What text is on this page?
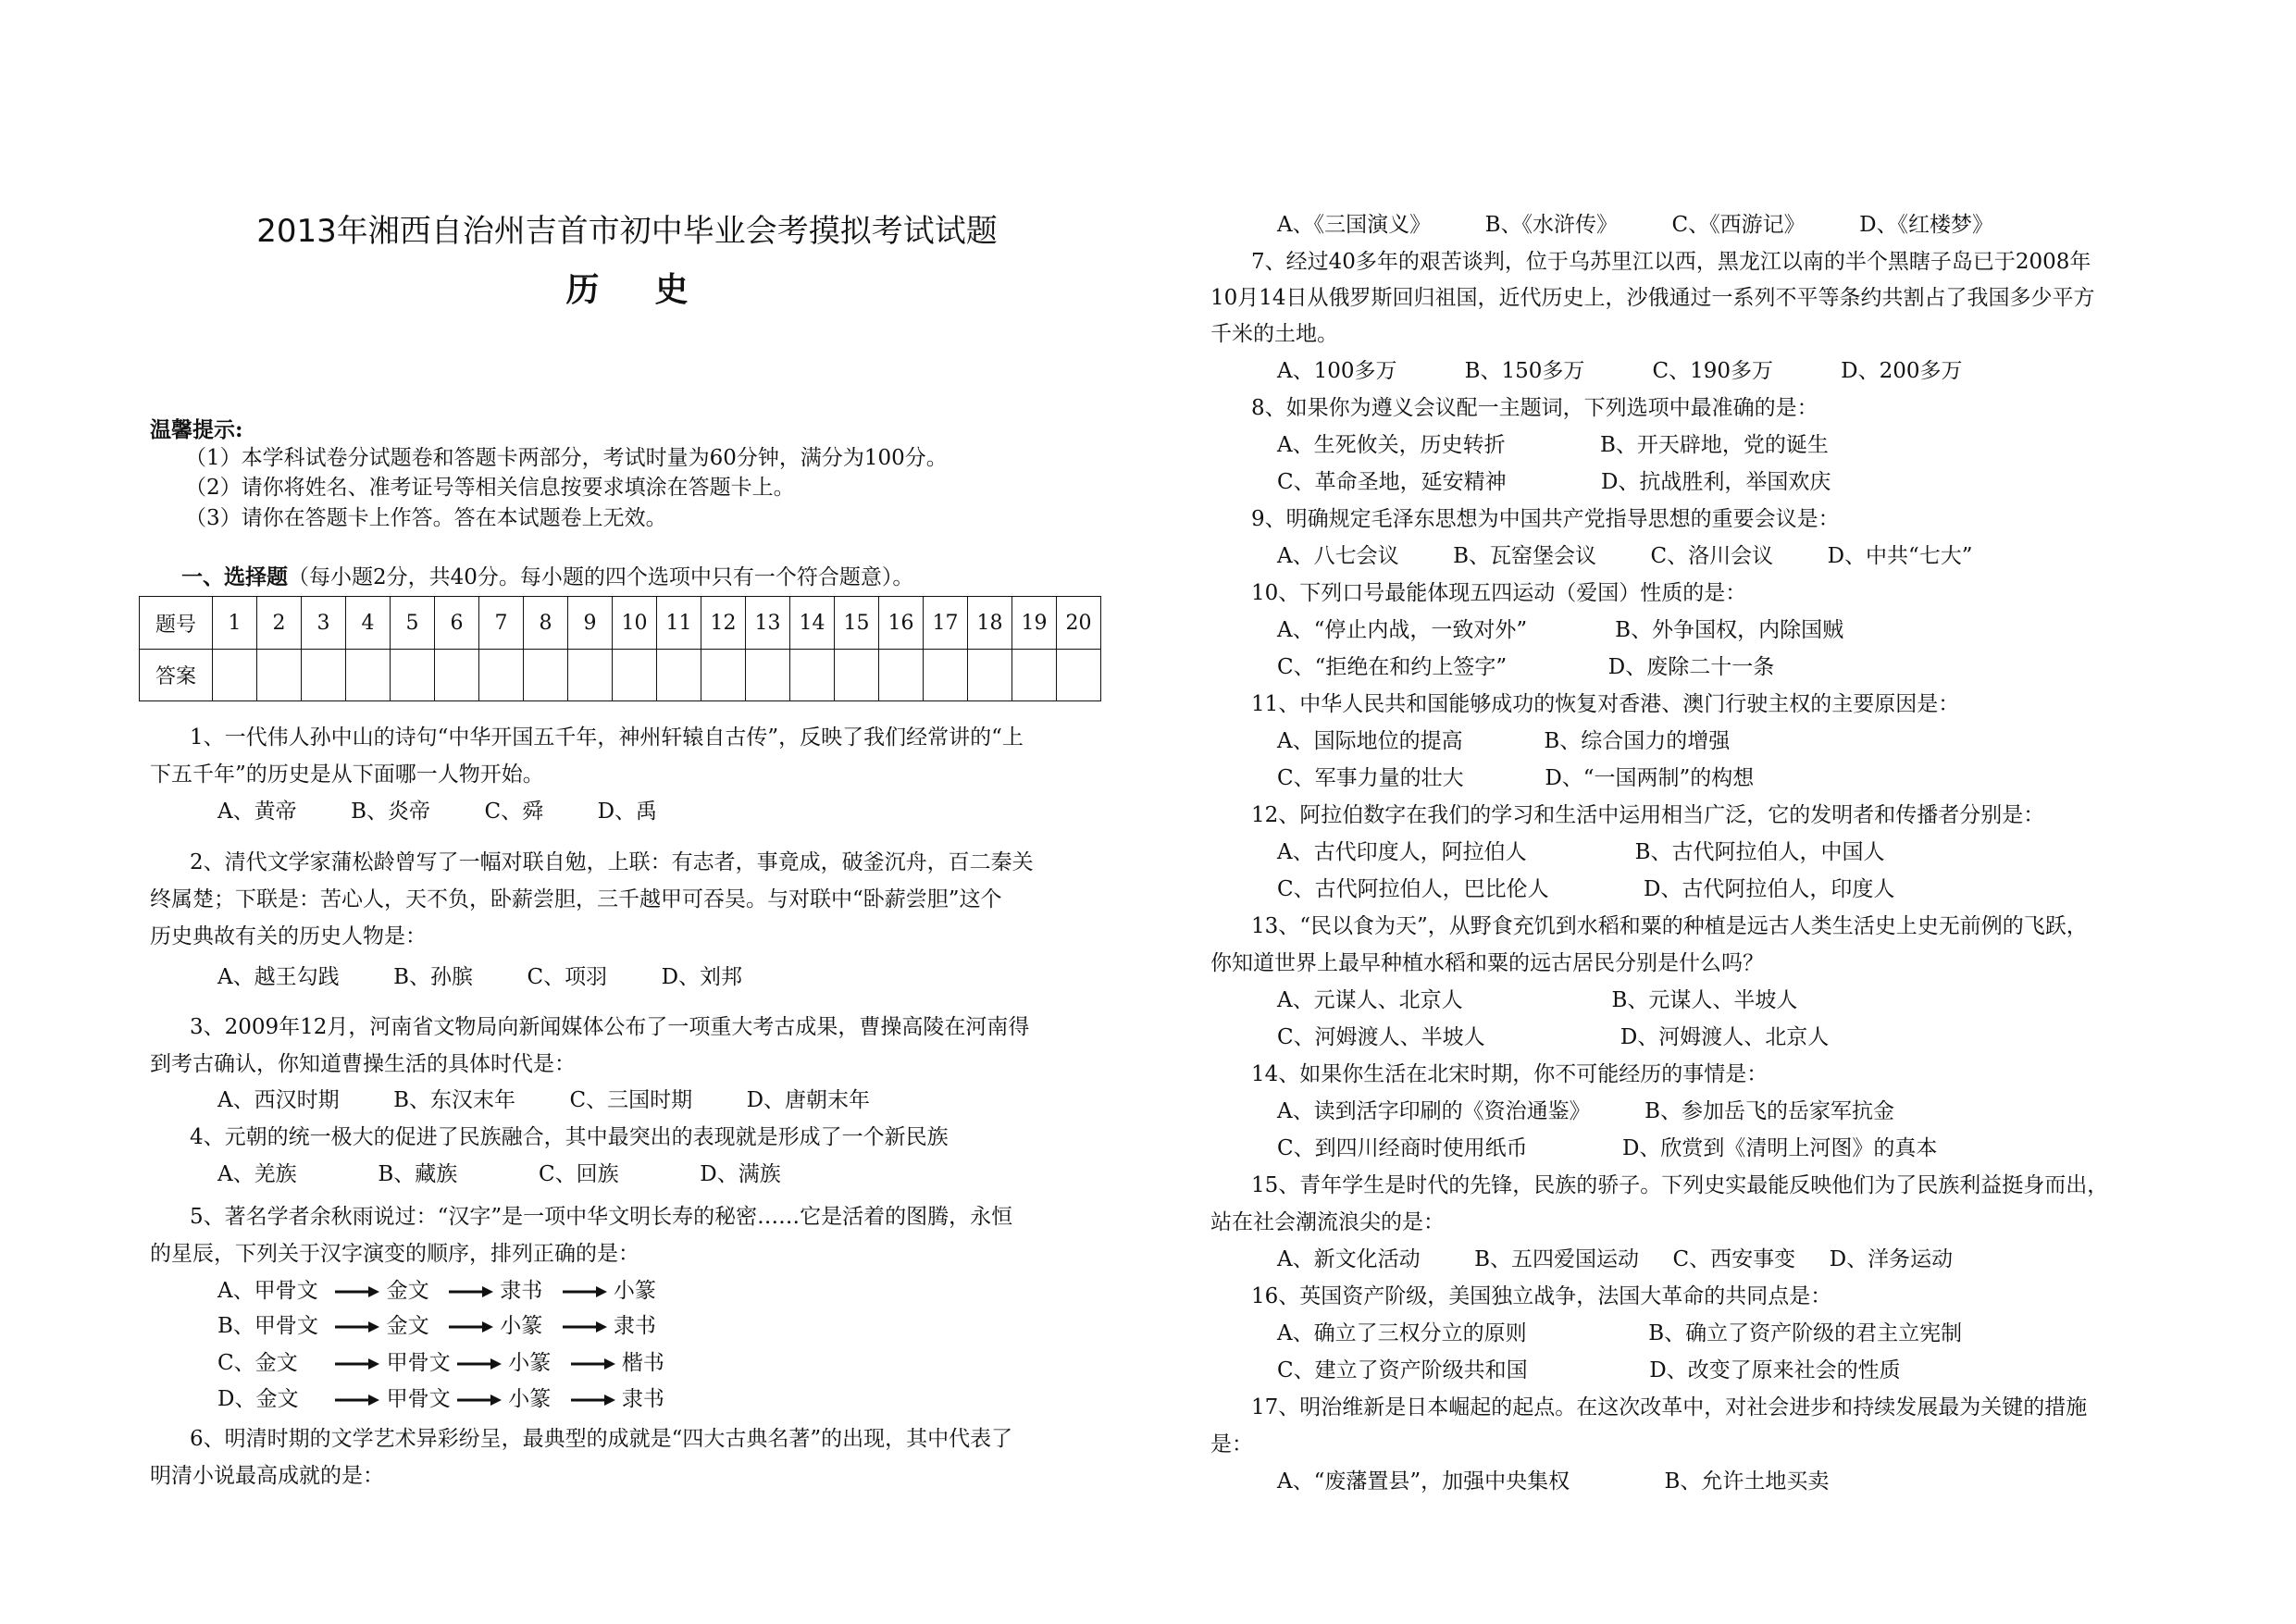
2013年湘西自治州吉首市初中毕业会考摸拟考试试题
历史
温馨提示:
（1）本学科试卷分试题卷和答题卡两部分，考试时量为60分钟，满分为100分。
（2）请你将姓名、准考证号等相关信息按要求填涂在答题卡上。
（3）请你在答题卡上作答。答在本试题卷上无效。
一、选择题（每小题2分，共40分。每小题的四个选项中只有一个符合题意）。
题号	1	2	3	4	5	6	7	8	9	10	11	12	13	14	15	16	17	18	19	20
答案																				
1、一代伟人孙中山的诗句“中华开国五千年，神州轩辕自古传”，反映了我们经常讲的“上
下五千年”的历史是从下面哪一人物开始。
A、黄帝        B、炎帝        C、舜        D、禹
2、清代文学家蒲松龄曾写了一幅对联自勉，上联：有志者，事竟成，破釜沉舟，百二秦关
终属楚；下联是：苦心人，天不负，卧薪尝胆，三千越甲可吞吴。与对联中“卧薪尝胆”这个
历史典故有关的历史人物是：
A、越王勾践        B、孙膑        C、项羽        D、刘邦
3、2009年12月，河南省文物局向新闻媒体公布了一项重大考古成果，曹操高陵在河南得
到考古确认，你知道曹操生活的具体时代是：
A、西汉时期        B、东汉末年        C、三国时期        D、唐朝末年
4、元朝的统一极大的促进了民族融合，其中最突出的表现就是形成了一个新民族
A、羌族            B、藏族            C、回族            D、满族
5、著名学者余秋雨说过：“汉字”是一项中华文明长寿的秘密……它是活着的图腾，永恒
的星辰，下列关于汉字演变的顺序，排列正确的是：
A、甲骨文	金文	隶书	小篆
B、甲骨文	金文	小篆	隶书
C、金文	甲骨文	小篆	楷书
D、金文	甲骨文	小篆	隶书
6、明清时期的文学艺术异彩纷呈，最典型的成就是“四大古典名著”的出现，其中代表了
明清小说最高成就的是：
A、《三国演义》        B、《水浒传》        C、《西游记》        D、《红楼梦》
7、经过40多年的艰苦谈判，位于乌苏里江以西，黑龙江以南的半个黑瞎子岛已于2008年
10月14日从俄罗斯回归祖国，近代历史上，沙俄通过一系列不平等条约共割占了我国多少平方
千米的土地。
A、100多万          B、150多万          C、190多万          D、200多万
8、如果你为遵义会议配一主题词，下列选项中最准确的是：
A、生死攸关，历史转折              B、开天辟地，党的诞生
C、革命圣地，延安精神              D、抗战胜利，举国欢庆
9、明确规定毛泽东思想为中国共产党指导思想的重要会议是：
A、八七会议        B、瓦窑堡会议        C、洛川会议        D、中共“七大”
10、下列口号最能体现五四运动（爱国）性质的是：
A、“停止内战，一致对外”             B、外争国权，内除国贼
C、“拒绝在和约上签字”               D、废除二十一条
11、中华人民共和国能够成功的恢复对香港、澳门行驶主权的主要原因是：
A、国际地位的提高            B、综合国力的增强
C、军事力量的壮大            D、“一国两制”的构想
12、阿拉伯数字在我们的学习和生活中运用相当广泛，它的发明者和传播者分别是：
A、古代印度人，阿拉伯人                B、古代阿拉伯人，中国人
C、古代阿拉伯人，巴比伦人              D、古代阿拉伯人，印度人
13、“民以食为天”，从野食充饥到水稻和粟的种植是远古人类生活史上史无前例的飞跃，
你知道世界上最早种植水稻和粟的远古居民分别是什么吗？
A、元谋人、北京人                      B、元谋人、半坡人
C、河姆渡人、半坡人                    D、河姆渡人、北京人
14、如果你生活在北宋时期，你不可能经历的事情是：
A、读到活字印刷的《资治通鉴》        B、参加岳飞的岳家军抗金
C、到四川经商时使用纸币              D、欣赏到《清明上河图》的真本
15、青年学生是时代的先锋，民族的骄子。下列史实最能反映他们为了民族利益挺身而出，
站在社会潮流浪尖的是：
A、新文化活动        B、五四爱国运动     C、西安事变     D、洋务运动
16、英国资产阶级，美国独立战争，法国大革命的共同点是：
A、确立了三权分立的原则                  B、确立了资产阶级的君主立宪制
C、建立了资产阶级共和国                  D、改变了原来社会的性质
17、明治维新是日本崛起的起点。在这次改革中，对社会进步和持续发展最为关键的措施
是：
A、“废藩置县”，加强中央集权              B、允许土地买卖
